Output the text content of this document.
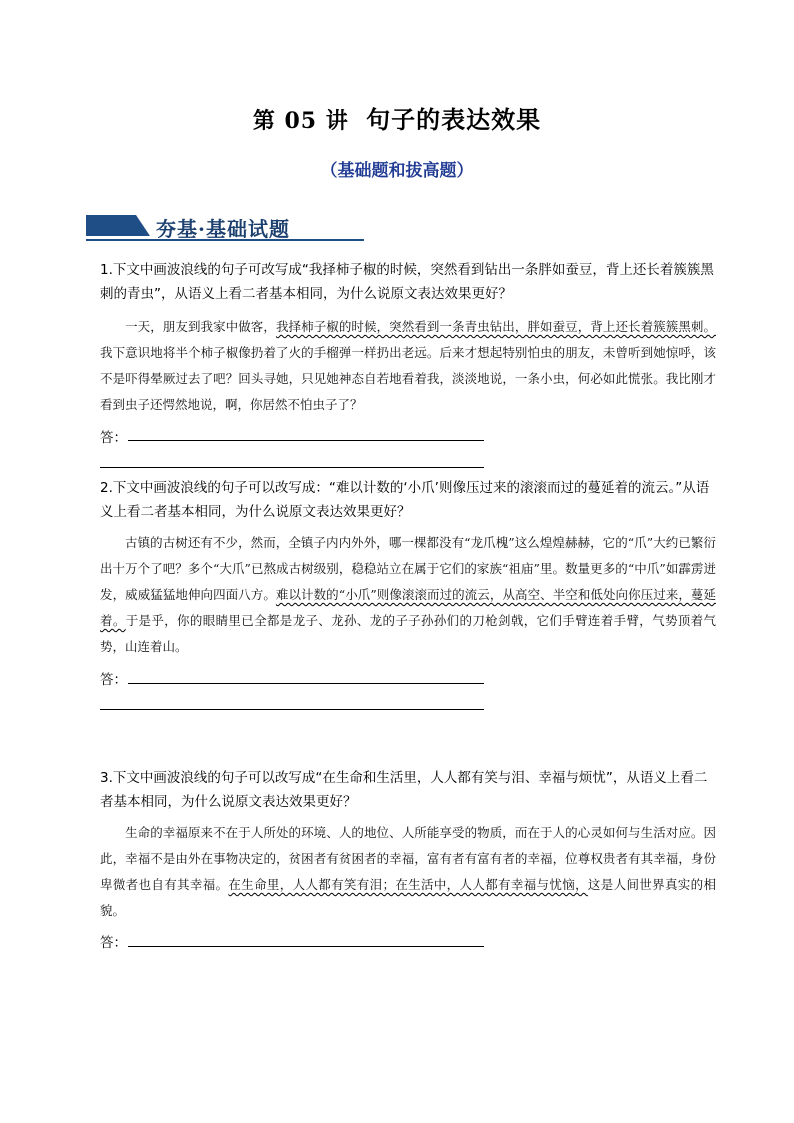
第 05 讲 句子的表达效果
（基础题和拔高题）
夯基·基础试题
1.下文中画波浪线的句子可改写成“我择柿子椒的时候，突然看到钻出一条胖如蚕豆，背上还长着簇簇黑刺的青虫”，从语义上看二者基本相同，为什么说原文表达效果更好？
一天，朋友到我家中做客，我择柿子椒的时候，突然看到一条青虫钻出，胖如蚕豆，背上还长着簇簇黑刺。我下意识地将半个柿子椒像扔着了火的手榴弹一样扔出老远。后来才想起特别怕虫的朋友，未曾听到她惊呼，该不是吓得晕厥过去了吧？回头寻她，只见她神态自若地看着我，淡淡地说，一条小虫，何必如此慌张。我比刚才看到虫子还愕然地说，啊，你居然不怕虫子了？
答：
2.下文中画波浪线的句子可以改写成：“难以计数的‘小爪’则像压过来的滚滚而过的蔓延着的流云。”从语义上看二者基本相同，为什么说原文表达效果更好？
古镇的古树还有不少，然而，全镇子内内外外，哪一棵都没有“龙爪槐”这么煌煌赫赫，它的“爪”大约已繁衍出十万个了吧？多个“大爪”已熬成古树级别，稳稳站立在属于它们的家族“祖庙”里。数量更多的“中爪”如霹雳迸发，威威猛猛地伸向四面八方。难以计数的“小爪”则像滚滚而过的流云，从高空、半空和低处向你压过来，蔓延着。于是乎，你的眼睛里已全都是龙子、龙孙、龙的子子孙孙们的刀枪剑戟，它们手臂连着手臂，气势顶着气势，山连着山。
答：
3.下文中画波浪线的句子可以改写成“在生命和生活里，人人都有笑与泪、幸福与烦忧”，从语义上看二者基本相同，为什么说原文表达效果更好？
生命的幸福原来不在于人所处的环境、人的地位、人所能享受的物质，而在于人的心灵如何与生活对应。因此，幸福不是由外在事物决定的，贫困者有贫困者的幸福，富有者有富有者的幸福，位尊权贵者有其幸福，身份卑微者也自有其幸福。在生命里，人人都有笑有泪；在生活中，人人都有幸福与忧恼，这是人间世界真实的相貌。
答：
